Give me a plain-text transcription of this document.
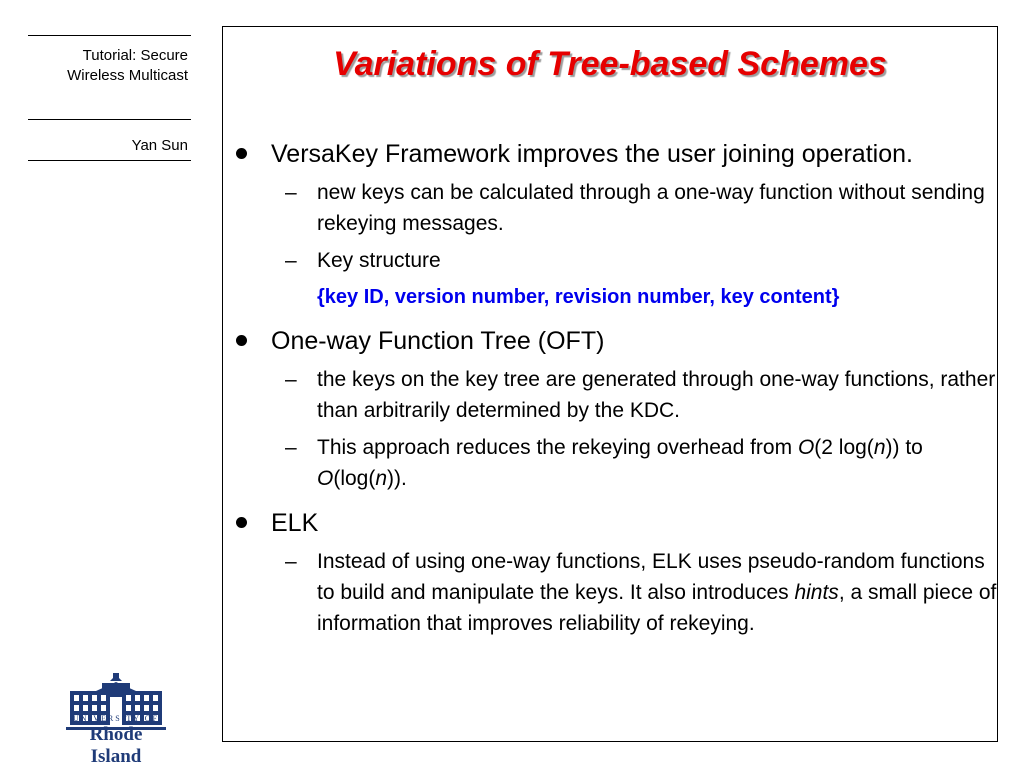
Tutorial: Secure
Wireless Multicast
Yan Sun
UNIVERSITY OF
Rhode Island
Variations of Tree-based Schemes
VersaKey Framework improves the user joining operation.
– new keys can be calculated through a one-way function without sending rekeying messages.
– Key structure
{key ID, version number, revision number, key content}
One-way Function Tree (OFT)
– the keys on the key tree are generated through one-way functions, rather than arbitrarily determined by the KDC.
– This approach reduces the rekeying overhead from O(2 log(n)) to O(log(n)).
ELK
– Instead of using one-way functions, ELK uses pseudo-random functions to build and manipulate the keys. It also introduces hints, a small piece of information that improves reliability of rekeying.
